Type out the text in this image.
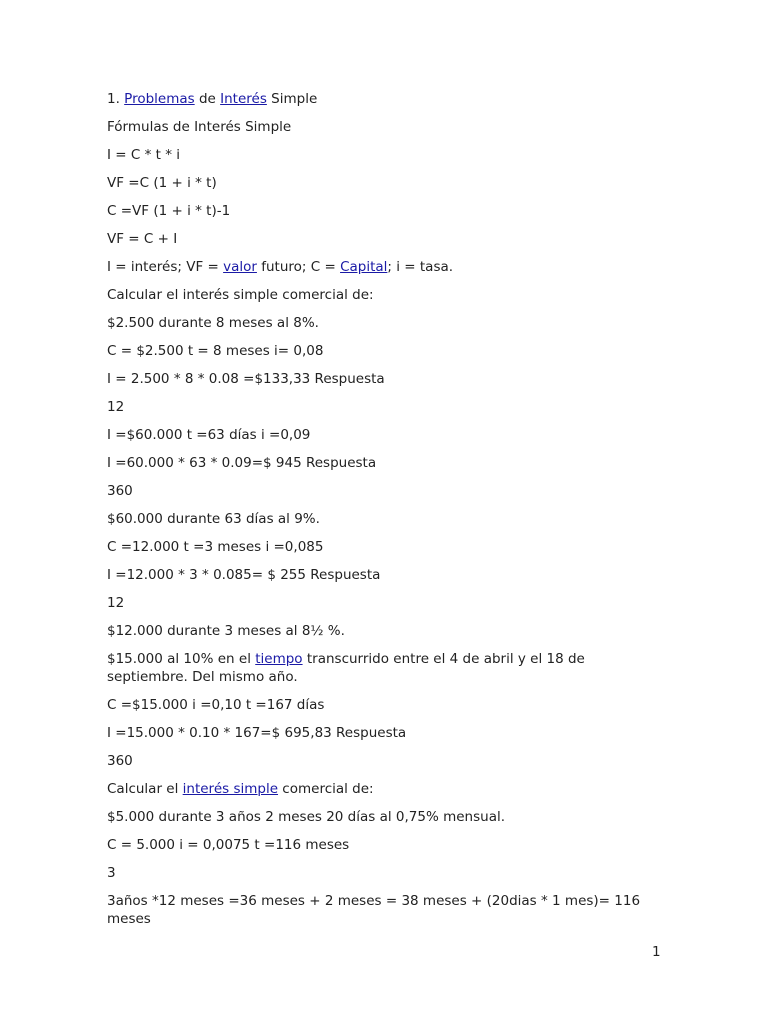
1. Problemas de Interés Simple
Fórmulas de Interés Simple
I = C * t * i
VF =C (1 + i * t)
C =VF (1 + i * t)-1
VF = C + I
I = interés; VF = valor futuro; C = Capital; i = tasa.
Calcular el interés simple comercial de:
$2.500 durante 8 meses al 8%.
C = $2.500 t = 8 meses i= 0,08
I = 2.500 * 8 * 0.08 =$133,33 Respuesta
12
I =$60.000 t =63 días i =0,09
I =60.000 * 63 * 0.09=$ 945 Respuesta
360
$60.000 durante 63 días al 9%.
C =12.000 t =3 meses i =0,085
I =12.000 * 3 * 0.085= $ 255 Respuesta
12
$12.000 durante 3 meses al 8½ %.
$15.000 al 10% en el tiempo transcurrido entre el 4 de abril y el 18 de septiembre. Del mismo año.
C =$15.000 i =0,10 t =167 días
I =15.000 * 0.10 * 167=$ 695,83 Respuesta
360
Calcular el interés simple comercial de:
$5.000 durante 3 años 2 meses 20 días al 0,75% mensual.
C = 5.000 i = 0,0075 t =116 meses
3
3años *12 meses =36 meses + 2 meses = 38 meses + (20dias * 1 mes)= 116 meses
1
